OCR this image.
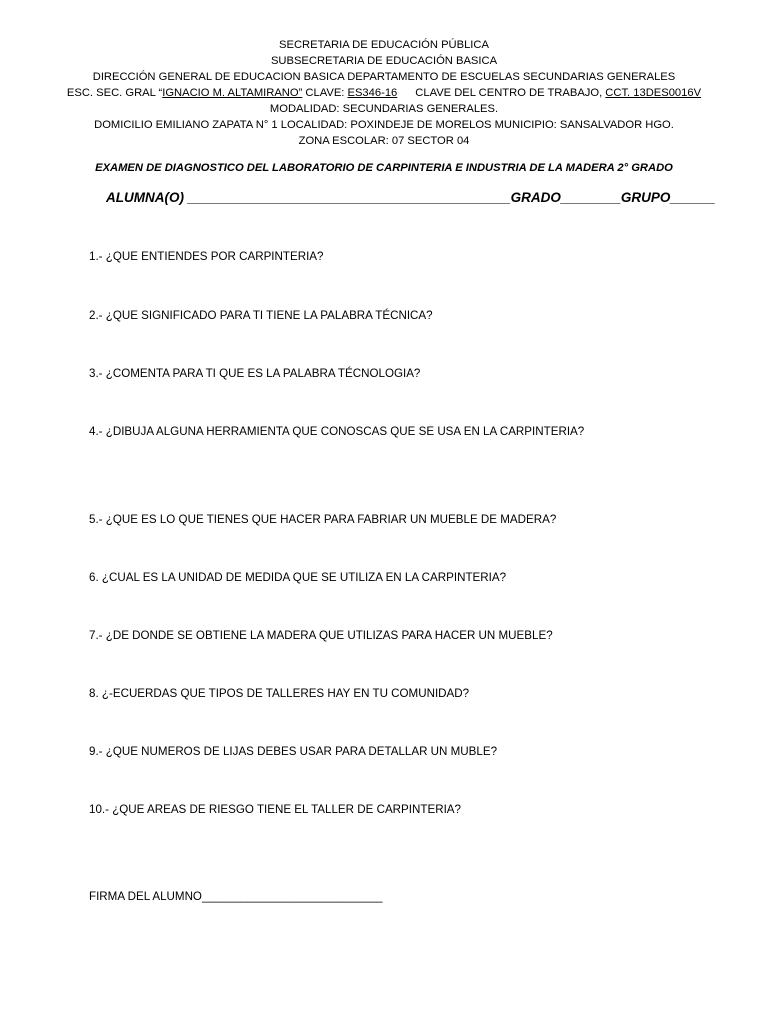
SECRETARIA DE EDUCACIÓN PÚBLICA
SUBSECRETARIA DE EDUCACIÓN BASICA
DIRECCIÓN GENERAL DE EDUCACION BASICA DEPARTAMENTO DE ESCUELAS SECUNDARIAS GENERALES
ESC. SEC. GRAL “IGNACIO M. ALTAMIRANO” CLAVE: ES346-16 CLAVE DEL CENTRO DE TRABAJO, CCT. 13DES0016V
MODALIDAD: SECUNDARIAS GENERALES.
DOMICILIO EMILIANO ZAPATA N° 1 LOCALIDAD: POXINDEJE DE MORELOS MUNICIPIO: SANSALVADOR HGO.
ZONA ESCOLAR: 07 SECTOR 04
EXAMEN DE DIAGNOSTICO DEL LABORATORIO DE CARPINTERIA E INDUSTRIA DE LA MADERA 2° GRADO
ALUMNA(O) ___________________________________________GRADO________GRUPO______
1.- ¿QUE ENTIENDES POR CARPINTERIA?
2.- ¿QUE SIGNIFICADO PARA TI TIENE LA PALABRA TÉCNICA?
3.- ¿COMENTA PARA TI QUE ES LA PALABRA TÉCNOLOGIA?
4.- ¿DIBUJA ALGUNA HERRAMIENTA QUE CONOSCAS QUE SE USA EN LA CARPINTERIA?
5.- ¿QUE ES LO QUE TIENES QUE HACER PARA FABRIAR UN MUEBLE DE MADERA?
6. ¿CUAL ES LA UNIDAD DE MEDIDA QUE SE UTILIZA EN LA CARPINTERIA?
7.- ¿DE DONDE SE OBTIENE LA MADERA QUE UTILIZAS PARA HACER UN MUEBLE?
8. ¿-ECUERDAS QUE TIPOS DE TALLERES HAY EN TU COMUNIDAD?
9.- ¿QUE NUMEROS DE LIJAS DEBES USAR PARA DETALLAR UN MUBLE?
10.- ¿QUE AREAS DE RIESGO TIENE EL TALLER DE CARPINTERIA?
FIRMA DEL ALUMNO____________________________
